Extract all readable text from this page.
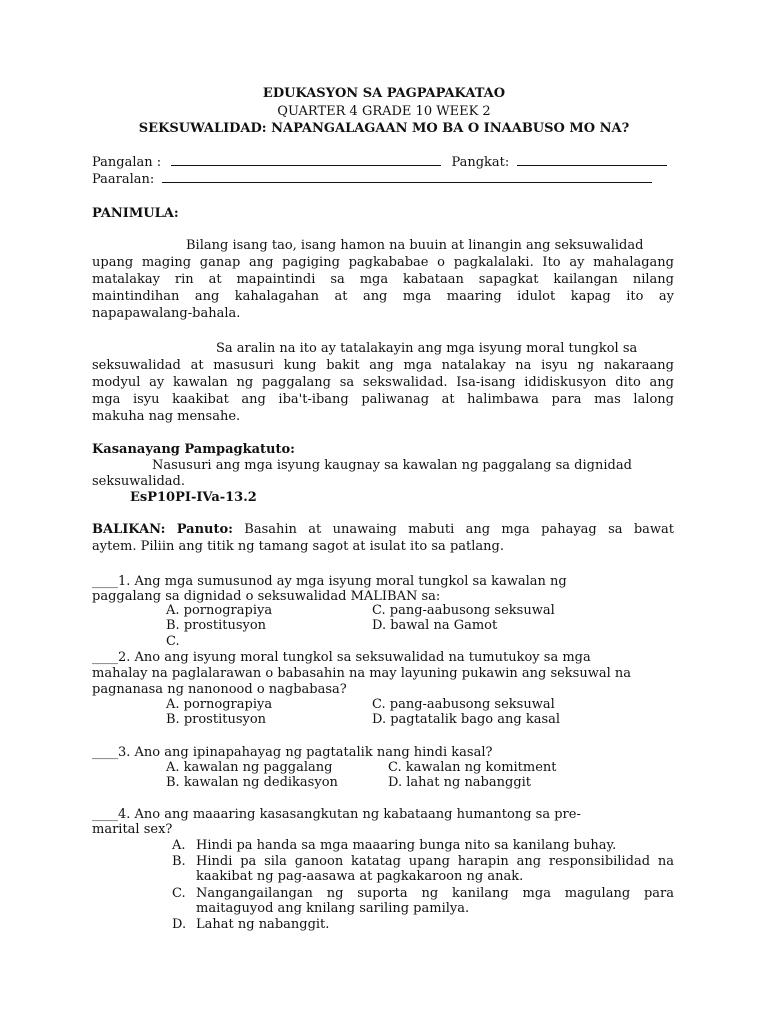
EDUKASYON SA PAGPAPAKATAO
QUARTER 4 GRADE 10 WEEK 2
SEKSUWALIDAD: NAPANGALAGAAN MO BA O INAABUSO MO NA?
Pangalan :	Pangkat:
Paaralan:
PANIMULA:
Bilang isang tao, isang hamon na buuin at linangin ang seksuwalidad
upang maging ganap ang pagiging pagkababae o pagkalalaki. Ito ay mahalagang
matalakay rin at mapaintindi sa mga kabataan sapagkat kailangan nilang
maintindihan ang kahalagahan at ang mga maaring idulot kapag ito ay
napapawalang-bahala.
Sa aralin na ito ay tatalakayin ang mga isyung moral tungkol sa
seksuwalidad at masusuri kung bakit ang mga natalakay na isyu ng nakaraang
modyul ay kawalan ng paggalang sa sekswalidad. Isa-isang ididiskusyon dito ang
mga isyu kaakibat ang iba't-ibang paliwanag at halimbawa para mas lalong
makuha nag mensahe.
Kasanayang Pampagkatuto:
Nasusuri ang mga isyung kaugnay sa kawalan ng paggalang sa dignidad
seksuwalidad.
EsP10PI-IVa-13.2
BALIKAN: Panuto: Basahin at unawaing mabuti ang mga pahayag sa bawat
aytem. Piliin ang titik ng tamang sagot at isulat ito sa patlang.
____1. Ang mga sumusunod ay mga isyung moral tungkol sa kawalan ng
paggalang sa dignidad o seksuwalidad MALIBAN sa:
A. pornograpiya	C. pang-aabusong seksuwal
B. prostitusyon	D. bawal na Gamot
C.
____2. Ano ang isyung moral tungkol sa seksuwalidad na tumutukoy sa mga
mahalay na paglalarawan o babasahin na may layuning pukawin ang seksuwal na
pagnanasa ng nanonood o nagbabasa?
A. pornograpiya	C. pang-aabusong seksuwal
B. prostitusyon	D. pagtatalik bago ang kasal
____3. Ano ang ipinapahayag ng pagtatalik nang hindi kasal?
A. kawalan ng paggalang	C. kawalan ng komitment
B. kawalan ng dedikasyon	D. lahat ng nabanggit
____4. Ano ang maaaring kasasangkutan ng kabataang humantong sa pre-
marital sex?
A. Hindi pa handa sa mga maaaring bunga nito sa kanilang buhay.
B. Hindi pa sila ganoon katatag upang harapin ang responsibilidad na
kaakibat ng pag-aasawa at pagkakaroon ng anak.
C. Nangangailangan ng suporta ng kanilang mga magulang para
maitaguyod ang knilang sariling pamilya.
D. Lahat ng nabanggit.
